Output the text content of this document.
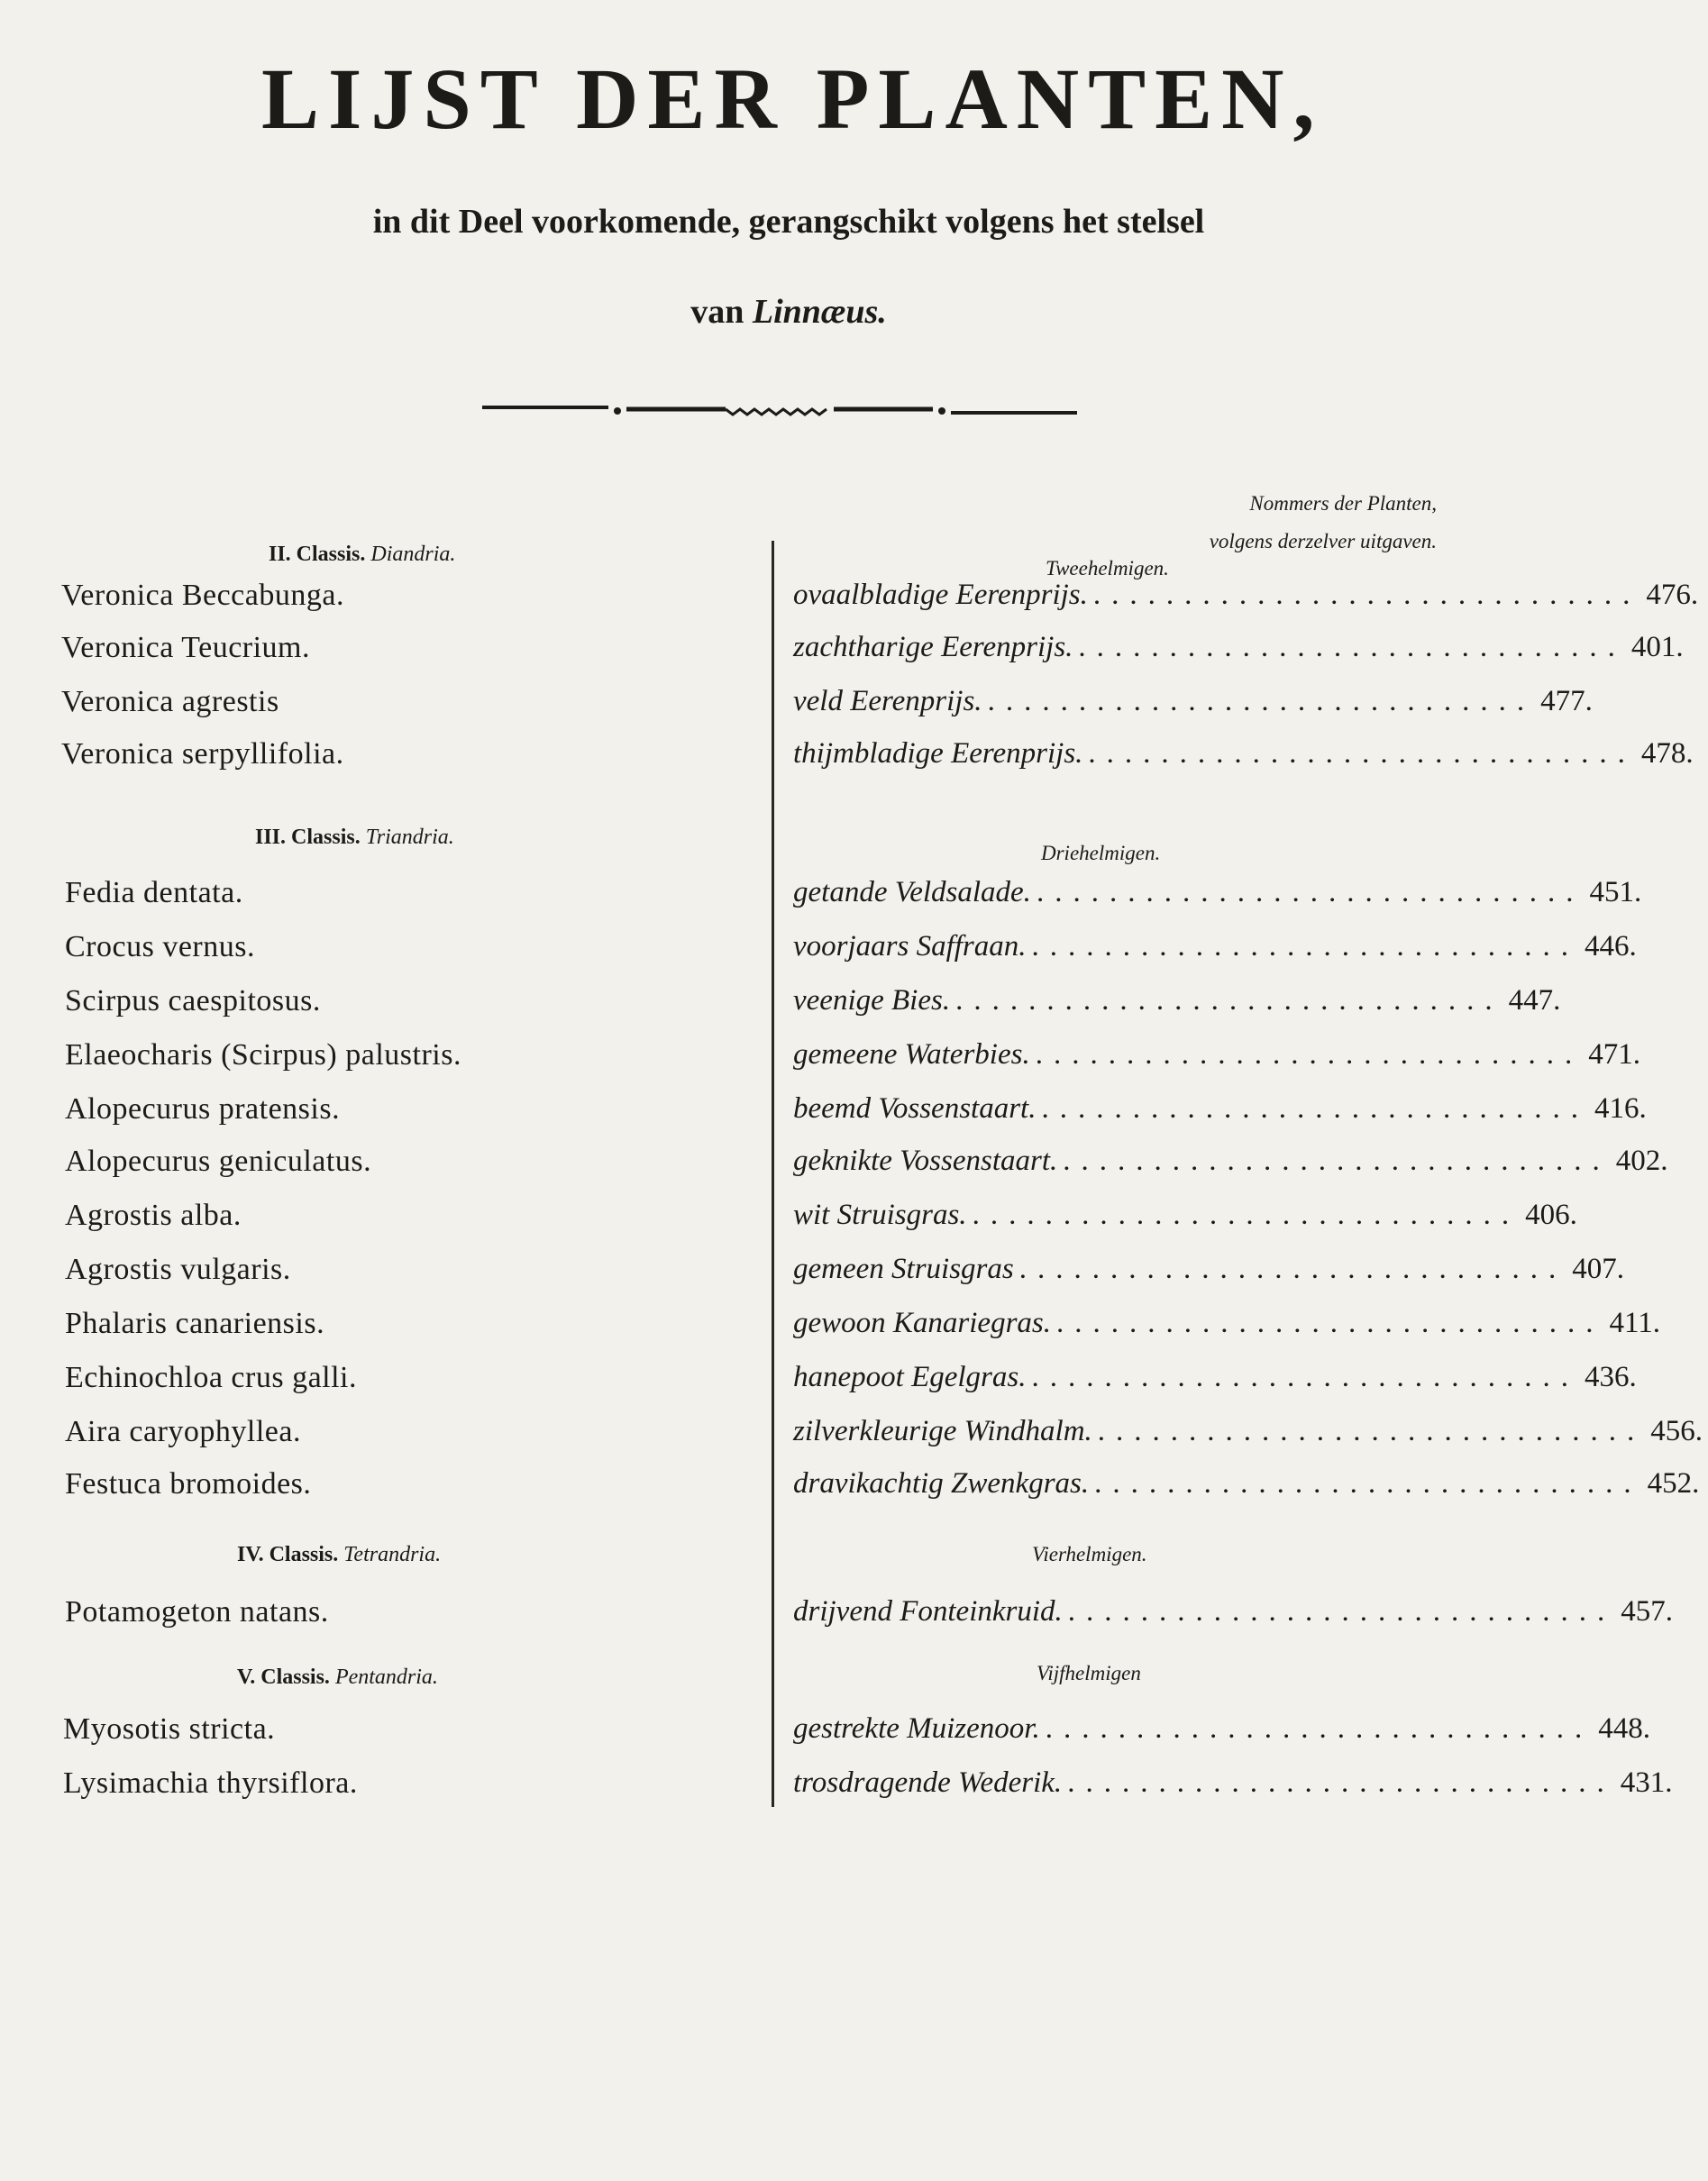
LIJST DER PLANTEN,
in dit Deel voorkomende, gerangschikt volgens het stelsel
van Linnæus.
Nommers der Planten,
volgens derzelver uitgaven.
II. Classis. Diandria.
Veronica Beccabunga.
Veronica Teucrium.
Veronica agrestis
Veronica serpyllifolia.
III. Classis. Triandria.
Fedia dentata.
Crocus vernus.
Scirpus caespitosus.
Elaeocharis (Scirpus) palustris.
Alopecurus pratensis.
Alopecurus geniculatus.
Agrostis alba.
Agrostis vulgaris.
Phalaris canariensis.
Echinochloa crus galli.
Aira caryophyllea.
Festuca bromoides.
IV. Classis. Tetrandria.
Potamogeton natans.
V. Classis. Pentandria.
Myosotis stricta.
Lysimachia thyrsiflora.
Tweehelmigen.
ovaalbladige Eerenprijs. .............................. 476.
zachtharige Eerenprijs. .............................. 401.
veld Eerenprijs. .............................. 477.
thijmbladige Eerenprijs. .............................. 478.
Driehelmigen.
getande Veldsalade. .............................. 451.
voorjaars Saffraan. .............................. 446.
veenige Bies. .............................. 447.
gemeene Waterbies. .............................. 471.
beemd Vossenstaart. .............................. 416.
geknikte Vossenstaart. .............................. 402.
wit Struisgras. .............................. 406.
gemeen Struisgras .............................. 407.
gewoon Kanariegras. .............................. 411.
hanepoot Egelgras. .............................. 436.
zilverkleurige Windhalm. .............................. 456.
dravikachtig Zwenkgras. .............................. 452.
Vierhelmigen.
drijvend Fonteinkruid. .............................. 457.
Vijfhelmigen
gestrekte Muizenoor. .............................. 448.
trosdragende Wederik. .............................. 431.
